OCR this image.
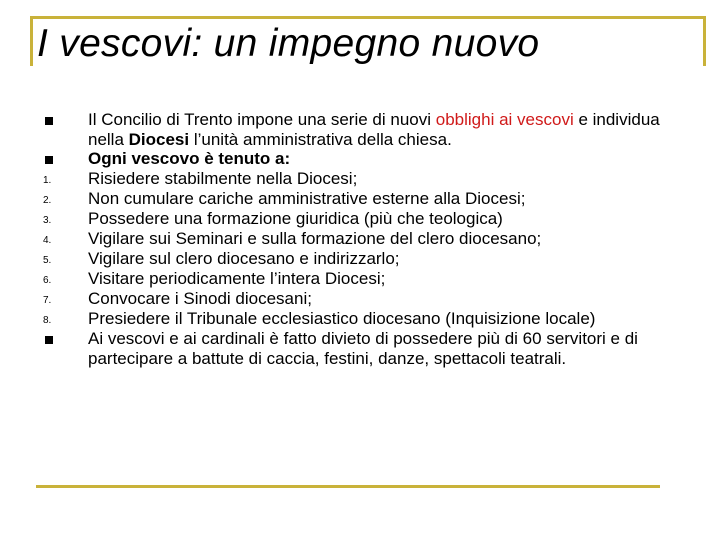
I vescovi: un impegno nuovo
Il Concilio di Trento impone una serie di nuovi obblighi ai vescovi e individua nella Diocesi l’unità amministrativa della chiesa.
Ogni vescovo è tenuto a:
1. Risiedere stabilmente nella Diocesi;
2. Non cumulare cariche amministrative esterne alla Diocesi;
3. Possedere una formazione giuridica (più che teologica)
4. Vigilare sui Seminari e sulla formazione del clero diocesano;
5. Vigilare sul clero diocesano e indirizzarlo;
6. Visitare periodicamente l’intera Diocesi;
7. Convocare i Sinodi diocesani;
8. Presiedere il Tribunale ecclesiastico diocesano (Inquisizione locale)
Ai vescovi e ai cardinali è fatto divieto di possedere più di 60 servitori e di partecipare a battute di caccia, festini, danze, spettacoli teatrali.
